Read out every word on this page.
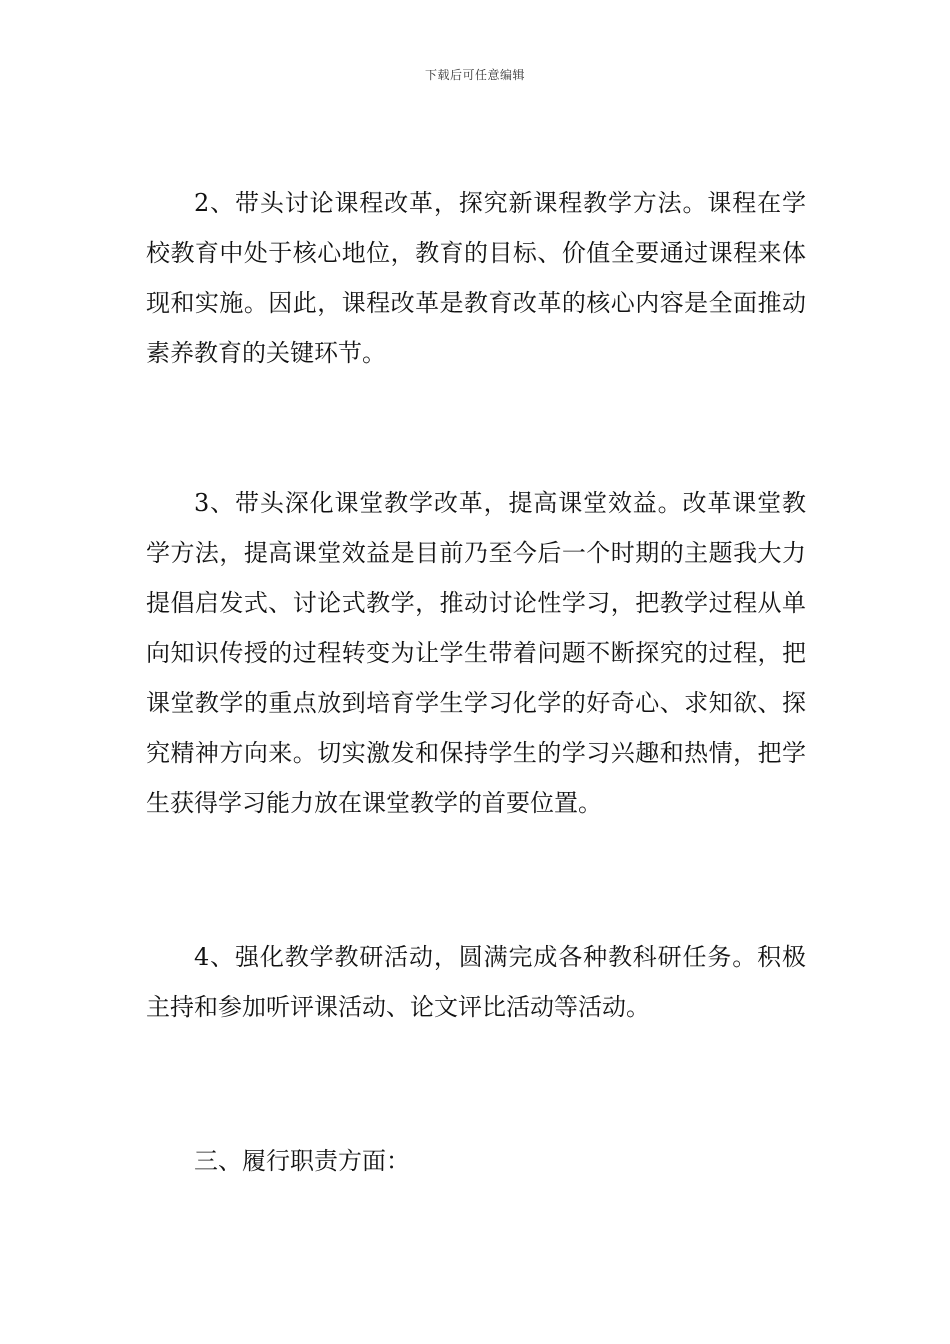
下载后可任意编辑

2、带头讨论课程改革，探究新课程教学方法。课程在学校教育中处于核心地位，教育的目标、价值全要通过课程来体现和实施。因此，课程改革是教育改革的核心内容是全面推动素养教育的关键环节。

3、带头深化课堂教学改革，提高课堂效益。改革课堂教学方法，提高课堂效益是目前乃至今后一个时期的主题我大力提倡启发式、讨论式教学，推动讨论性学习，把教学过程从单向知识传授的过程转变为让学生带着问题不断探究的过程，把课堂教学的重点放到培育学生学习化学的好奇心、求知欲、探究精神方向来。切实激发和保持学生的学习兴趣和热情，把学生获得学习能力放在课堂教学的首要位置。

4、强化教学教研活动，圆满完成各种教科研任务。积极主持和参加听评课活动、论文评比活动等活动。

三、履行职责方面：
